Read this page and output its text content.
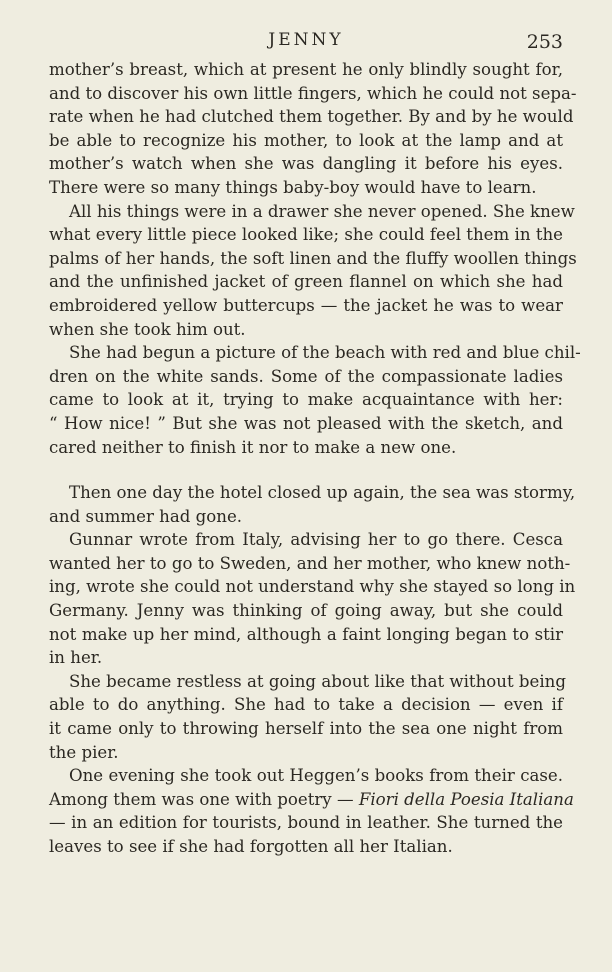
JENNY	253
mother’s breast, which at present he only blindly sought for,
and to discover his own little fingers, which he could not sepa-
rate when he had clutched them together. By and by he would
be able to recognize his mother, to look at the lamp and at
mother’s watch when she was dangling it before his eyes.
There were so many things baby-boy would have to learn.
All his things were in a drawer she never opened. She knew
what every little piece looked like; she could feel them in the
palms of her hands, the soft linen and the fluffy woollen things
and the unfinished jacket of green flannel on which she had
embroidered yellow buttercups — the jacket he was to wear
when she took him out.
She had begun a picture of the beach with red and blue chil-
dren on the white sands. Some of the compassionate ladies
came to look at it, trying to make acquaintance with her:
“ How nice! ” But she was not pleased with the sketch, and
cared neither to finish it nor to make a new one.
Then one day the hotel closed up again, the sea was stormy,
and summer had gone.
Gunnar wrote from Italy, advising her to go there. Cesca
wanted her to go to Sweden, and her mother, who knew noth-
ing, wrote she could not understand why she stayed so long in
Germany. Jenny was thinking of going away, but she could
not make up her mind, although a faint longing began to stir
in her.
She became restless at going about like that without being
able to do anything. She had to take a decision — even if
it came only to throwing herself into the sea one night from
the pier.
One evening she took out Heggen’s books from their case.
Among them was one with poetry — Fiori della Poesia Italiana
— in an edition for tourists, bound in leather. She turned the
leaves to see if she had forgotten all her Italian.
